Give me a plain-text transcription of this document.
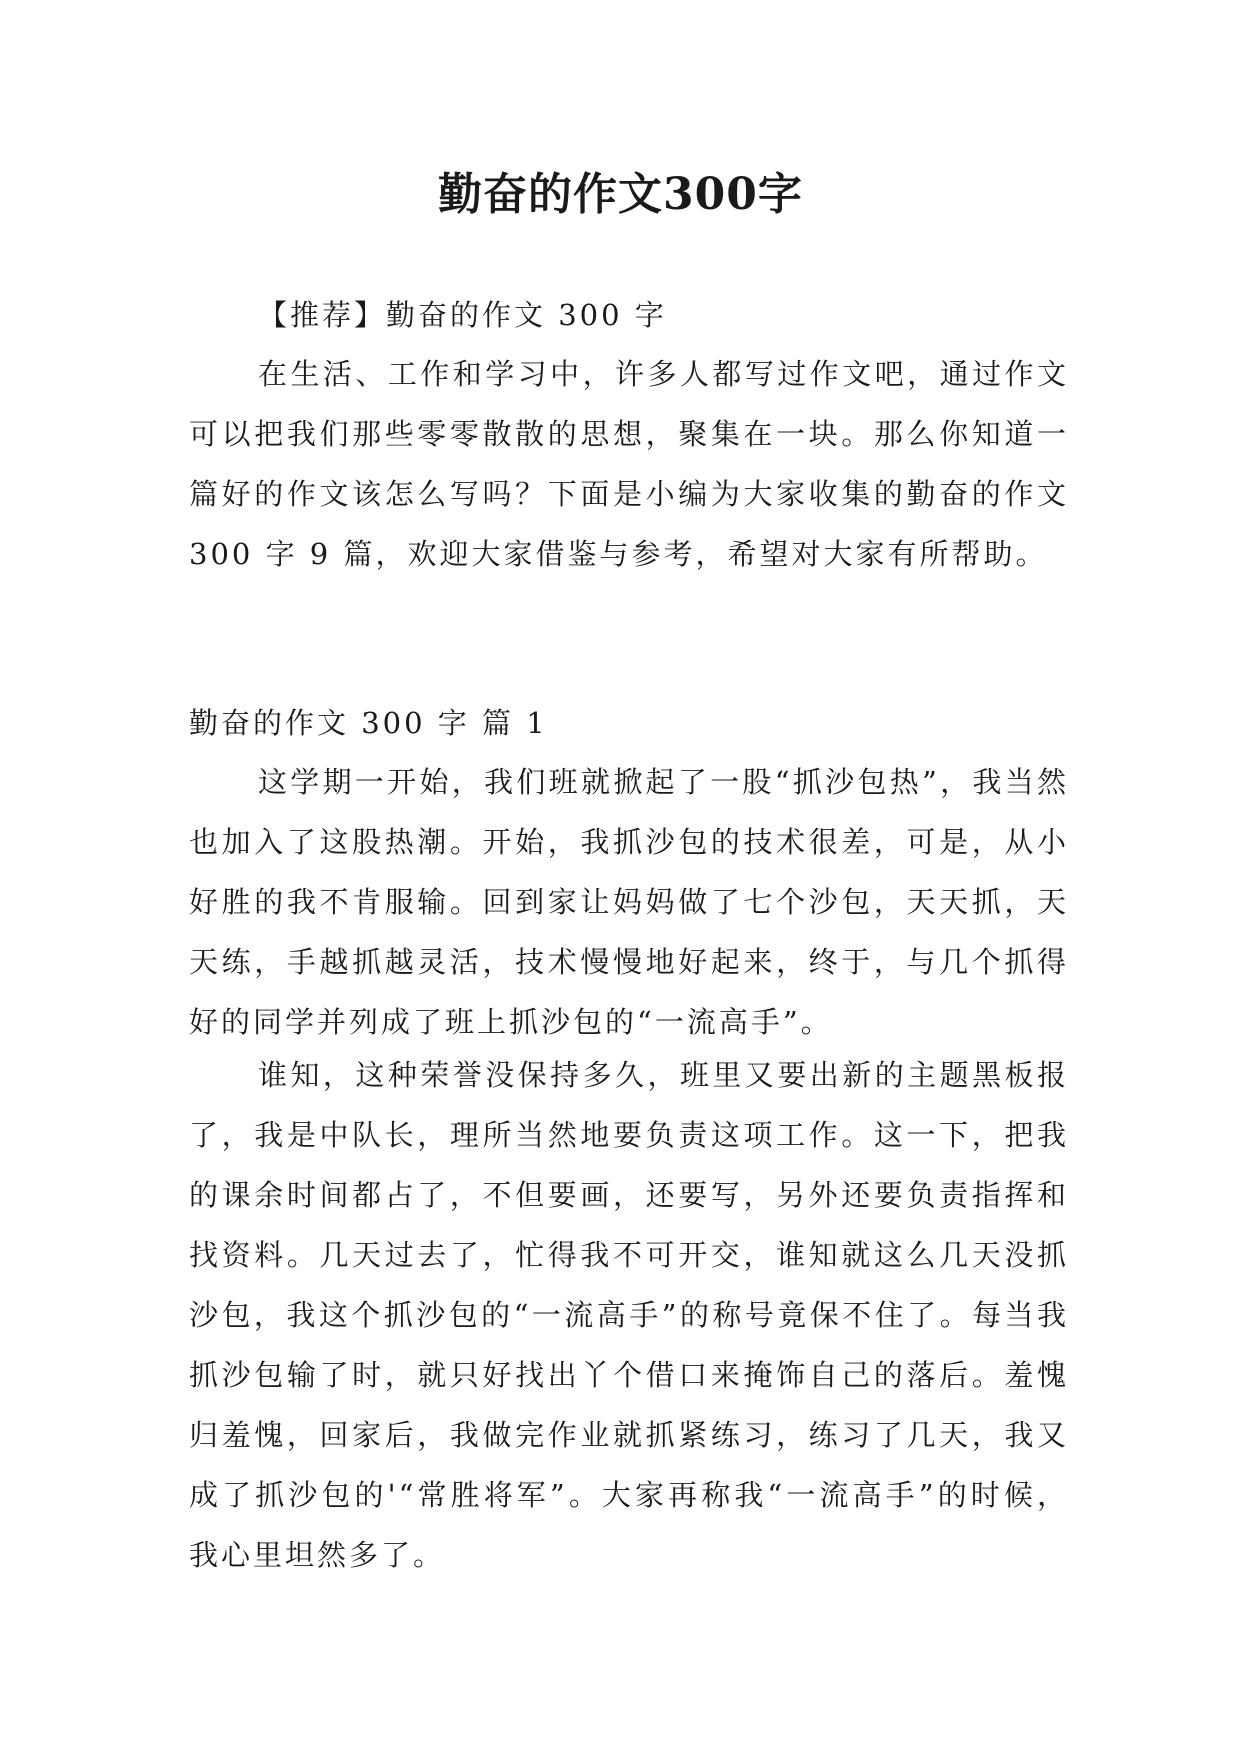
勤奋的作文300字

【推荐】勤奋的作文 300 字

在生活、工作和学习中，许多人都写过作文吧，通过作文可以把我们那些零零散散的思想，聚集在一块。那么你知道一篇好的作文该怎么写吗？下面是小编为大家收集的勤奋的作文 300 字 9 篇，欢迎大家借鉴与参考，希望对大家有所帮助。

勤奋的作文 300 字 篇 1

这学期一开始，我们班就掀起了一股“抓沙包热”，我当然也加入了这股热潮。开始，我抓沙包的技术很差，可是，从小好胜的我不肯服输。回到家让妈妈做了七个沙包，天天抓，天天练，手越抓越灵活，技术慢慢地好起来，终于，与几个抓得好的同学并列成了班上抓沙包的“一流高手”。

谁知，这种荣誉没保持多久，班里又要出新的主题黑板报了，我是中队长，理所当然地要负责这项工作。这一下，把我的课余时间都占了，不但要画，还要写，另外还要负责指挥和找资料。几天过去了，忙得我不可开交，谁知就这么几天没抓沙包，我这个抓沙包的“一流高手”的称号竟保不住了。每当我抓沙包输了时，就只好找出丫个借口来掩饰自己的落后。羞愧归羞愧，回家后，我做完作业就抓紧练习，练习了几天，我又成了抓沙包的'“常胜将军”。大家再称我“一流高手”的时候，我心里坦然多了。
